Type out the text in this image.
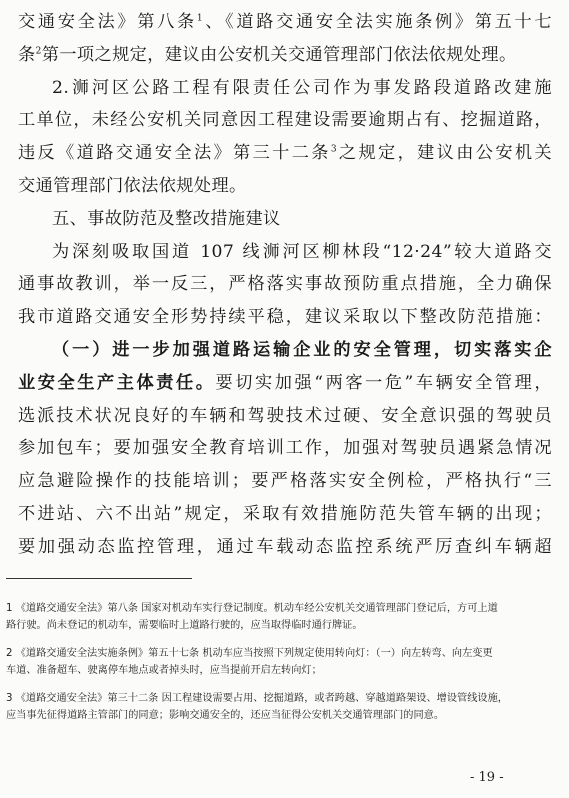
交通安全法》第八条$^1$、《道路交通安全法实施条例》第五十七
条$^2$第一项之规定，建议由公安机关交通管理部门依法依规处理。
2.浉河区公路工程有限责任公司作为事发路段道路改建施
工单位，未经公安机关同意因工程建设需要逾期占有、挖掘道路，
违反《道路交通安全法》第三十二条$^3$之规定，建议由公安机关
交通管理部门依法依规处理。
五、事故防范及整改措施建议
为深刻吸取国道 107 线浉河区柳林段“12·24”较大道路交
通事故教训，举一反三，严格落实事故预防重点措施，全力确保
我市道路交通安全形势持续平稳，建议采取以下整改防范措施：
（一）进一步加强道路运输企业的安全管理，切实落实企
业安全生产主体责任。要切实加强“两客一危”车辆安全管理，
选派技术状况良好的车辆和驾驶技术过硬、安全意识强的驾驶员
参加包车；要加强安全教育培训工作，加强对驾驶员遇紧急情况
应急避险操作的技能培训；要严格落实安全例检，严格执行“三
不进站、六不出站”规定，采取有效措施防范失管车辆的出现；
要加强动态监控管理，通过车载动态监控系统严厉查纠车辆超
1 《道路交通安全法》第八条 国家对机动车实行登记制度。机动车经公安机关交通管理部门登记后，方可上道
路行驶。尚未登记的机动车，需要临时上道路行驶的，应当取得临时通行牌证。
2 《道路交通安全法实施条例》第五十七条 机动车应当按照下列规定使用转向灯：（一）向左转弯、向左变更
车道、准备超车、驶离停车地点或者掉头时，应当提前开启左转向灯；
3 《道路交通安全法》第三十二条 因工程建设需要占用、挖掘道路，或者跨越、穿越道路架设、增设管线设施，
应当事先征得道路主管部门的同意；影响交通安全的，还应当征得公安机关交通管理部门的同意。
- 19 -
